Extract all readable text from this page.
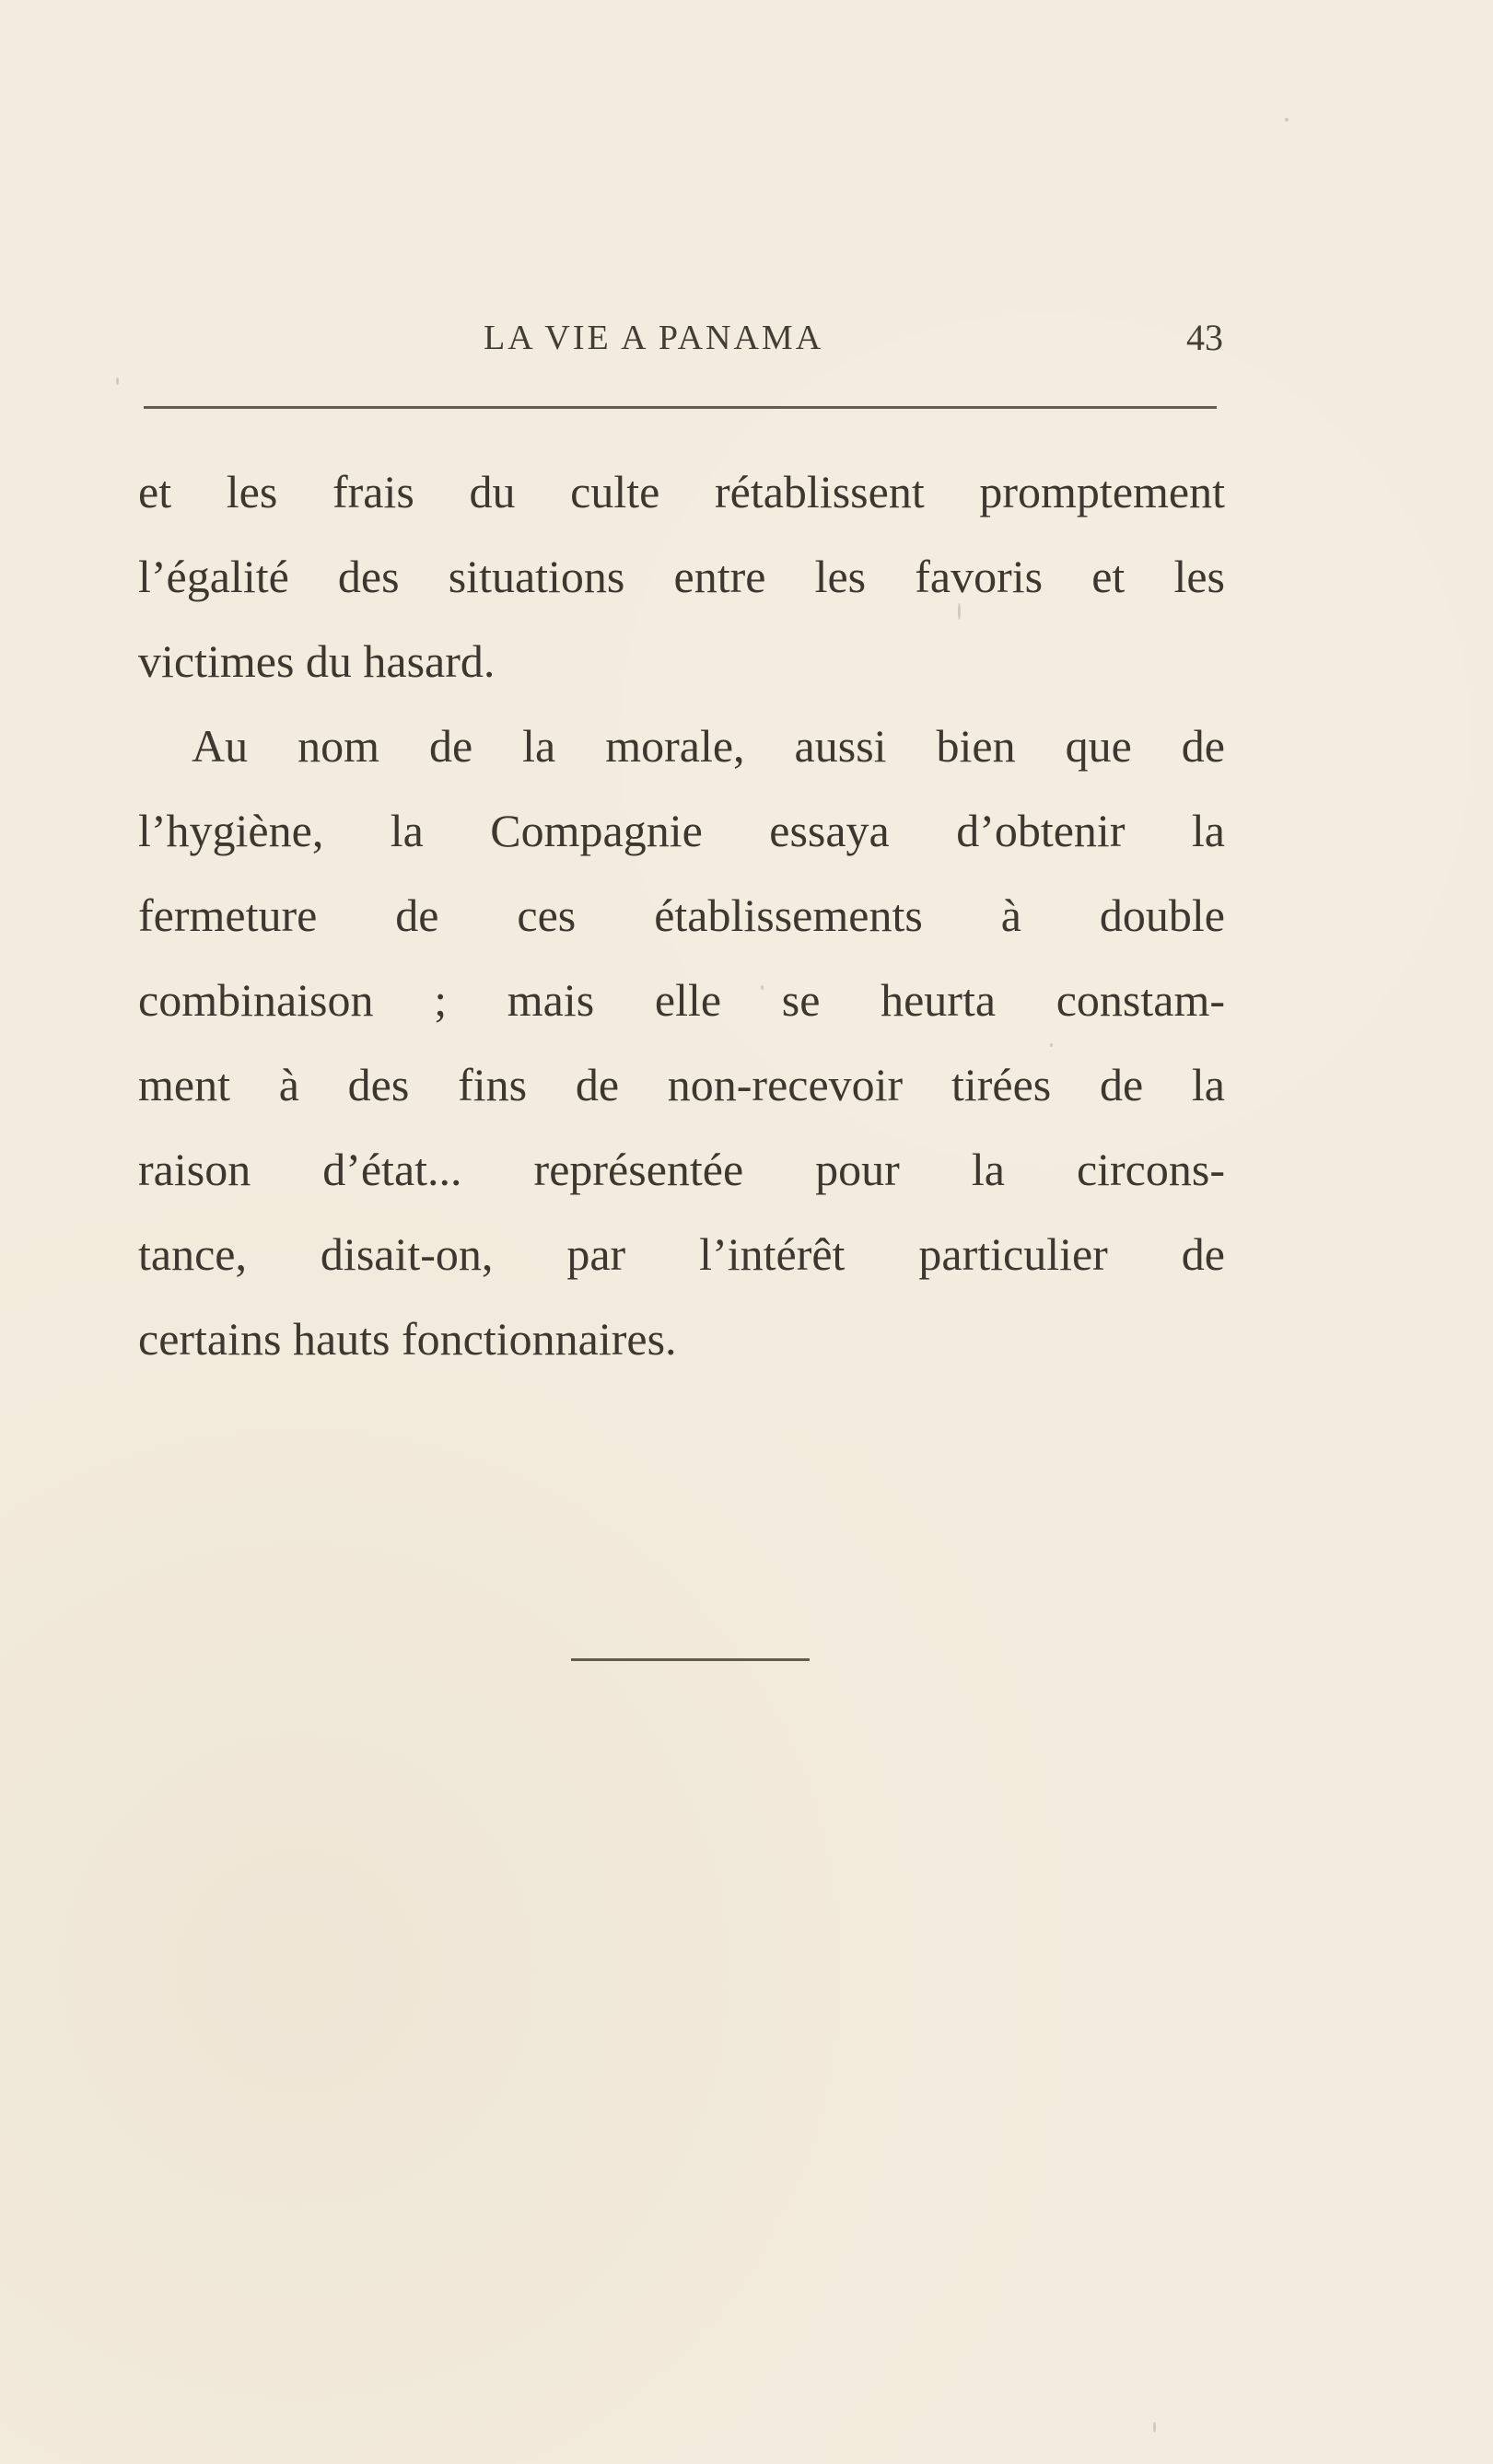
LA VIE A PANAMA	43
et les frais du culte rétablissent promptement
l’égalité des situations entre les favoris et les
victimes du hasard.
Au nom de la morale, aussi bien que de
l’hygiène, la Compagnie essaya d’obtenir la
fermeture de ces établissements à double
combinaison ; mais elle se heurta constam-
ment à des fins de non-recevoir tirées de la
raison d’état... représentée pour la circons-
tance, disait-on, par l’intérêt particulier de
certains hauts fonctionnaires.
